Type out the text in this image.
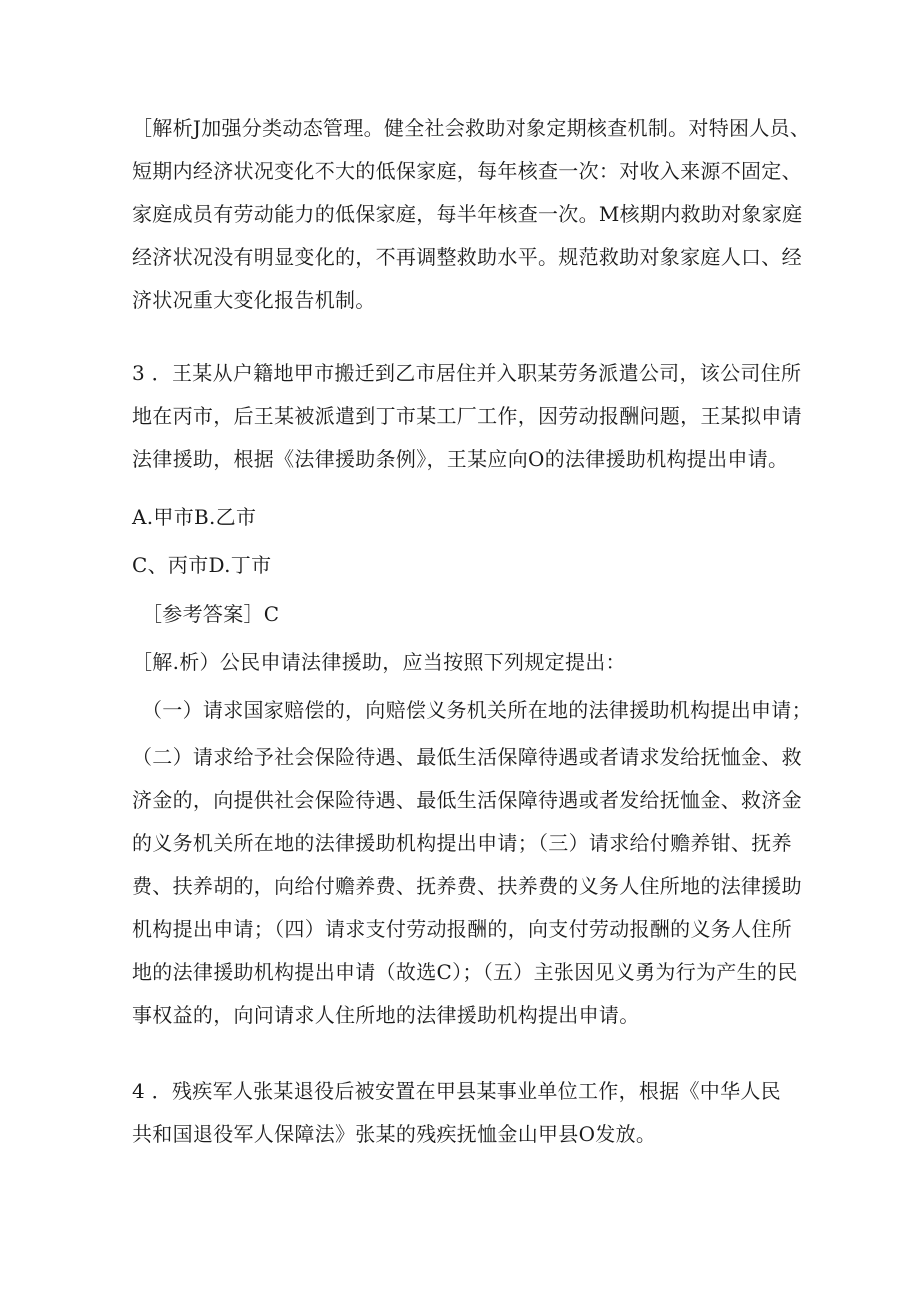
［解析J加强分类动态管理。健全社会救助对象定期核查机制。对特困人员、
短期内经济状况变化不大的低保家庭，每年核查一次：对收入来源不固定、
家庭成员有劳动能力的低保家庭，每半年核查一次。M核期内救助对象家庭
经济状况没有明显变化的，不再调整救助水平。规范救助对象家庭人口、经
济状况重大变化报告机制。
3 ．王某从户籍地甲市搬迁到乙市居住并入职某劳务派遣公司，该公司住所
地在丙市，后王某被派遣到丁市某工厂工作，因劳动报酬问题，王某拟申请
法律援助，根据《法律援助条例》，王某应向O的法律援助机构提出申请。
A.甲市B.乙市
C、丙市D.丁市
［参考答案］C
［解.析）公民申请法律援助，应当按照下列规定提出：
（一）请求国家赔偿的，向赔偿义务机关所在地的法律援助机构提出申请；
（二）请求给予社会保险待遇、最低生活保障待遇或者请求发给抚恤金、救
济金的，向提供社会保险待遇、最低生活保障待遇或者发给抚恤金、救济金
的义务机关所在地的法律援助机构提出申请；（三）请求给付赡养钳、抚养
费、扶养胡的，向给付赡养费、抚养费、扶养费的义务人住所地的法律援助
机构提出申请；（四）请求支付劳动报酬的，向支付劳动报酬的义务人住所
地的法律援助机构提出申请（故选C）；（五）主张因见义勇为行为产生的民
事权益的，向问请求人住所地的法律援助机构提出申请。
4 ．残疾军人张某退役后被安置在甲县某事业单位工作，根据《中华人民
共和国退役军人保障法》张某的残疾抚恤金山甲县O发放。
